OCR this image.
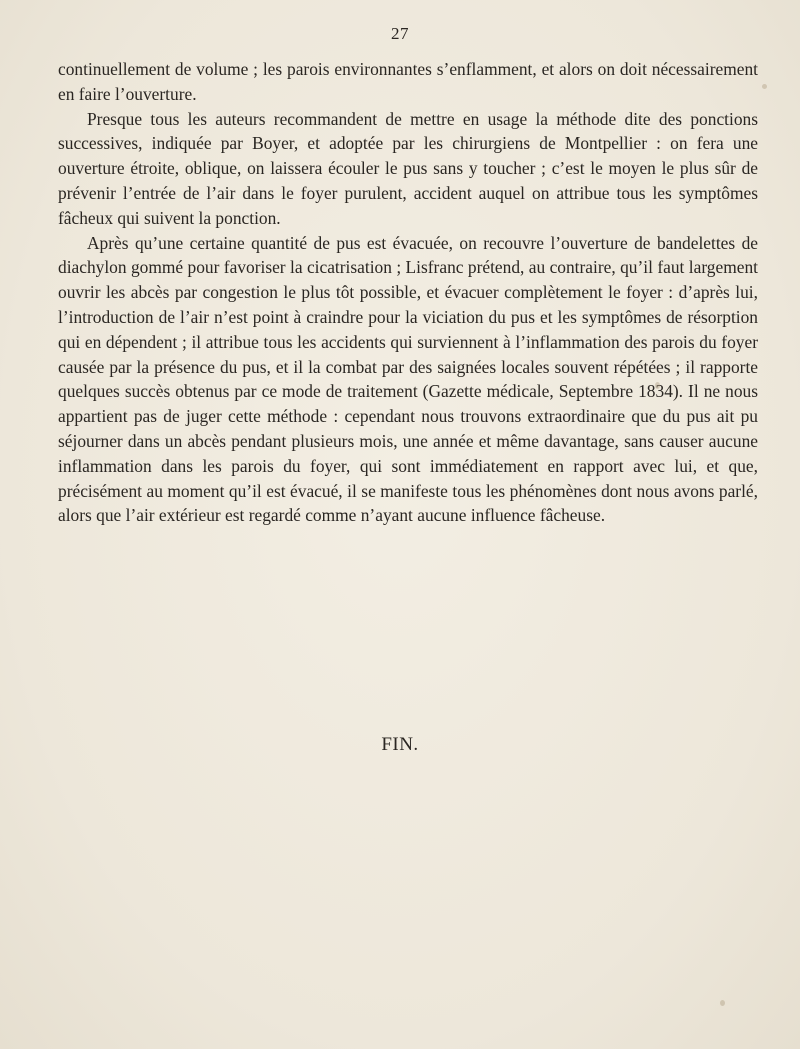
27

continuellement de volume ; les parois environnantes s’enflamment, et alors on doit nécessairement en faire l’ouverture.

Presque tous les auteurs recommandent de mettre en usage la méthode dite des ponctions successives, indiquée par Boyer, et adoptée par les chirurgiens de Montpellier : on fera une ouverture étroite, oblique, on laissera écouler le pus sans y toucher ; c’est le moyen le plus sûr de prévenir l’entrée de l’air dans le foyer purulent, accident auquel on attribue tous les symptômes fâcheux qui suivent la ponction.

Après qu’une certaine quantité de pus est évacuée, on recouvre l’ouverture de bandelettes de diachylon gommé pour favoriser la cicatrisation ; Lisfranc prétend, au contraire, qu’il faut largement ouvrir les abcès par congestion le plus tôt possible, et évacuer complètement le foyer : d’après lui, l’introduction de l’air n’est point à craindre pour la viciation du pus et les symptômes de résorption qui en dépendent ; il attribue tous les accidents qui surviennent à l’inflammation des parois du foyer causée par la présence du pus, et il la combat par des saignées locales souvent répétées ; il rapporte quelques succès obtenus par ce mode de traitement (Gazette médicale, Septembre 1834). Il ne nous appartient pas de juger cette méthode : cependant nous trouvons extraordinaire que du pus ait pu séjourner dans un abcès pendant plusieurs mois, une année et même davantage, sans causer aucune inflammation dans les parois du foyer, qui sont immédiatement en rapport avec lui, et que, précisément au moment qu’il est évacué, il se manifeste tous les phénomènes dont nous avons parlé, alors que l’air extérieur est regardé comme n’ayant aucune influence fâcheuse.

FIN.
